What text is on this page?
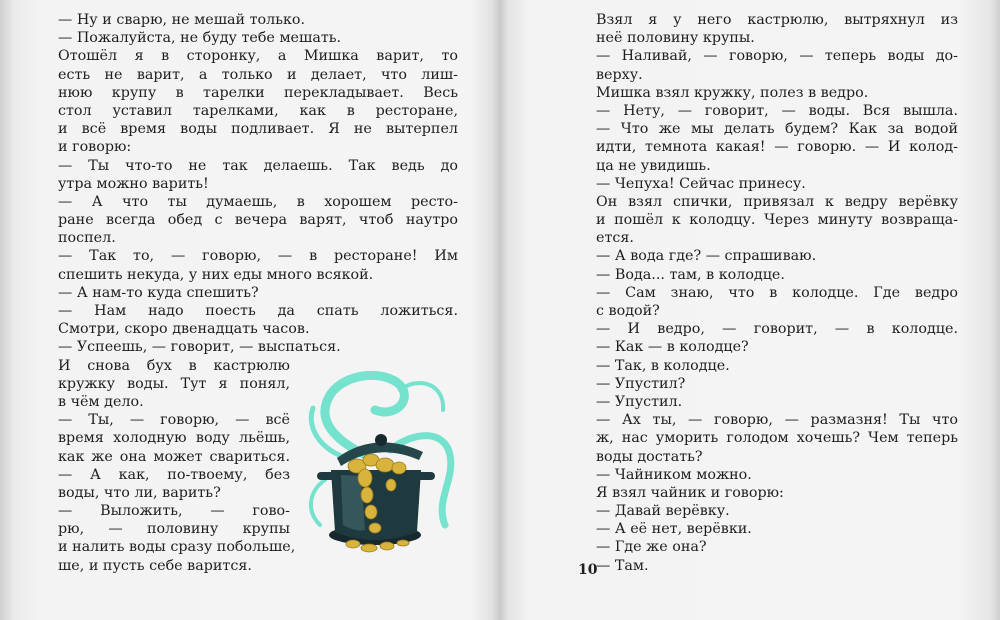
— Ну и сварю, не мешай только.
— Пожалуйста, не буду тебе мешать.
Отошёл я в сторонку, а Мишка варит, то
есть не варит, а только и делает, что лиш-
нюю крупу в тарелки перекладывает. Весь
стол уставил тарелками, как в ресторане,
и всё время воды подливает. Я не вытерпел
и говорю:
— Ты что-то не так делаешь. Так ведь до
утра можно варить!
— А что ты думаешь, в хорошем ресто-
ране всегда обед с вечера варят, чтоб наутро
поспел.
— Так то, — говорю, — в ресторане! Им
спешить некуда, у них еды много всякой.
— А нам-то куда спешить?
— Нам надо поесть да спать ложиться.
Смотри, скоро двенадцать часов.
— Успеешь, — говорит, — выспаться.
И снова бух в кастрюлю
кружку воды. Тут я понял,
в чём дело.
— Ты, — говорю, — всё
время холодную воду льёшь,
как же она может свариться.
— А как, по-твоему, без
воды, что ли, варить?
— Выложить, — гово-
рю, — половину крупы
и налить воды сразу побольше,
ше, и пусть себе варится.
Взял я у него кастрюлю, вытряхнул из
неё половину крупы.
— Наливай, — говорю, — теперь воды до-
верху.
Мишка взял кружку, полез в ведро.
— Нету, — говорит, — воды. Вся вышла.
— Что же мы делать будем? Как за водой
идти, темнота какая! — говорю. — И колод-
ца не увидишь.
— Чепуха! Сейчас принесу.
Он взял спички, привязал к ведру верёвку
и пошёл к колодцу. Через минуту возвраща-
ется.
— А вода где? — спрашиваю.
— Вода... там, в колодце.
— Сам знаю, что в колодце. Где ведро
с водой?
— И ведро, — говорит, — в колодце.
— Как — в колодце?
— Так, в колодце.
— Упустил?
— Упустил.
— Ах ты, — говорю, — размазня! Ты что
ж, нас уморить голодом хочешь? Чем теперь
воды достать?
— Чайником можно.
Я взял чайник и говорю:
— Давай верёвку.
— А её нет, верёвки.
— Где же она?
— Там.
10
